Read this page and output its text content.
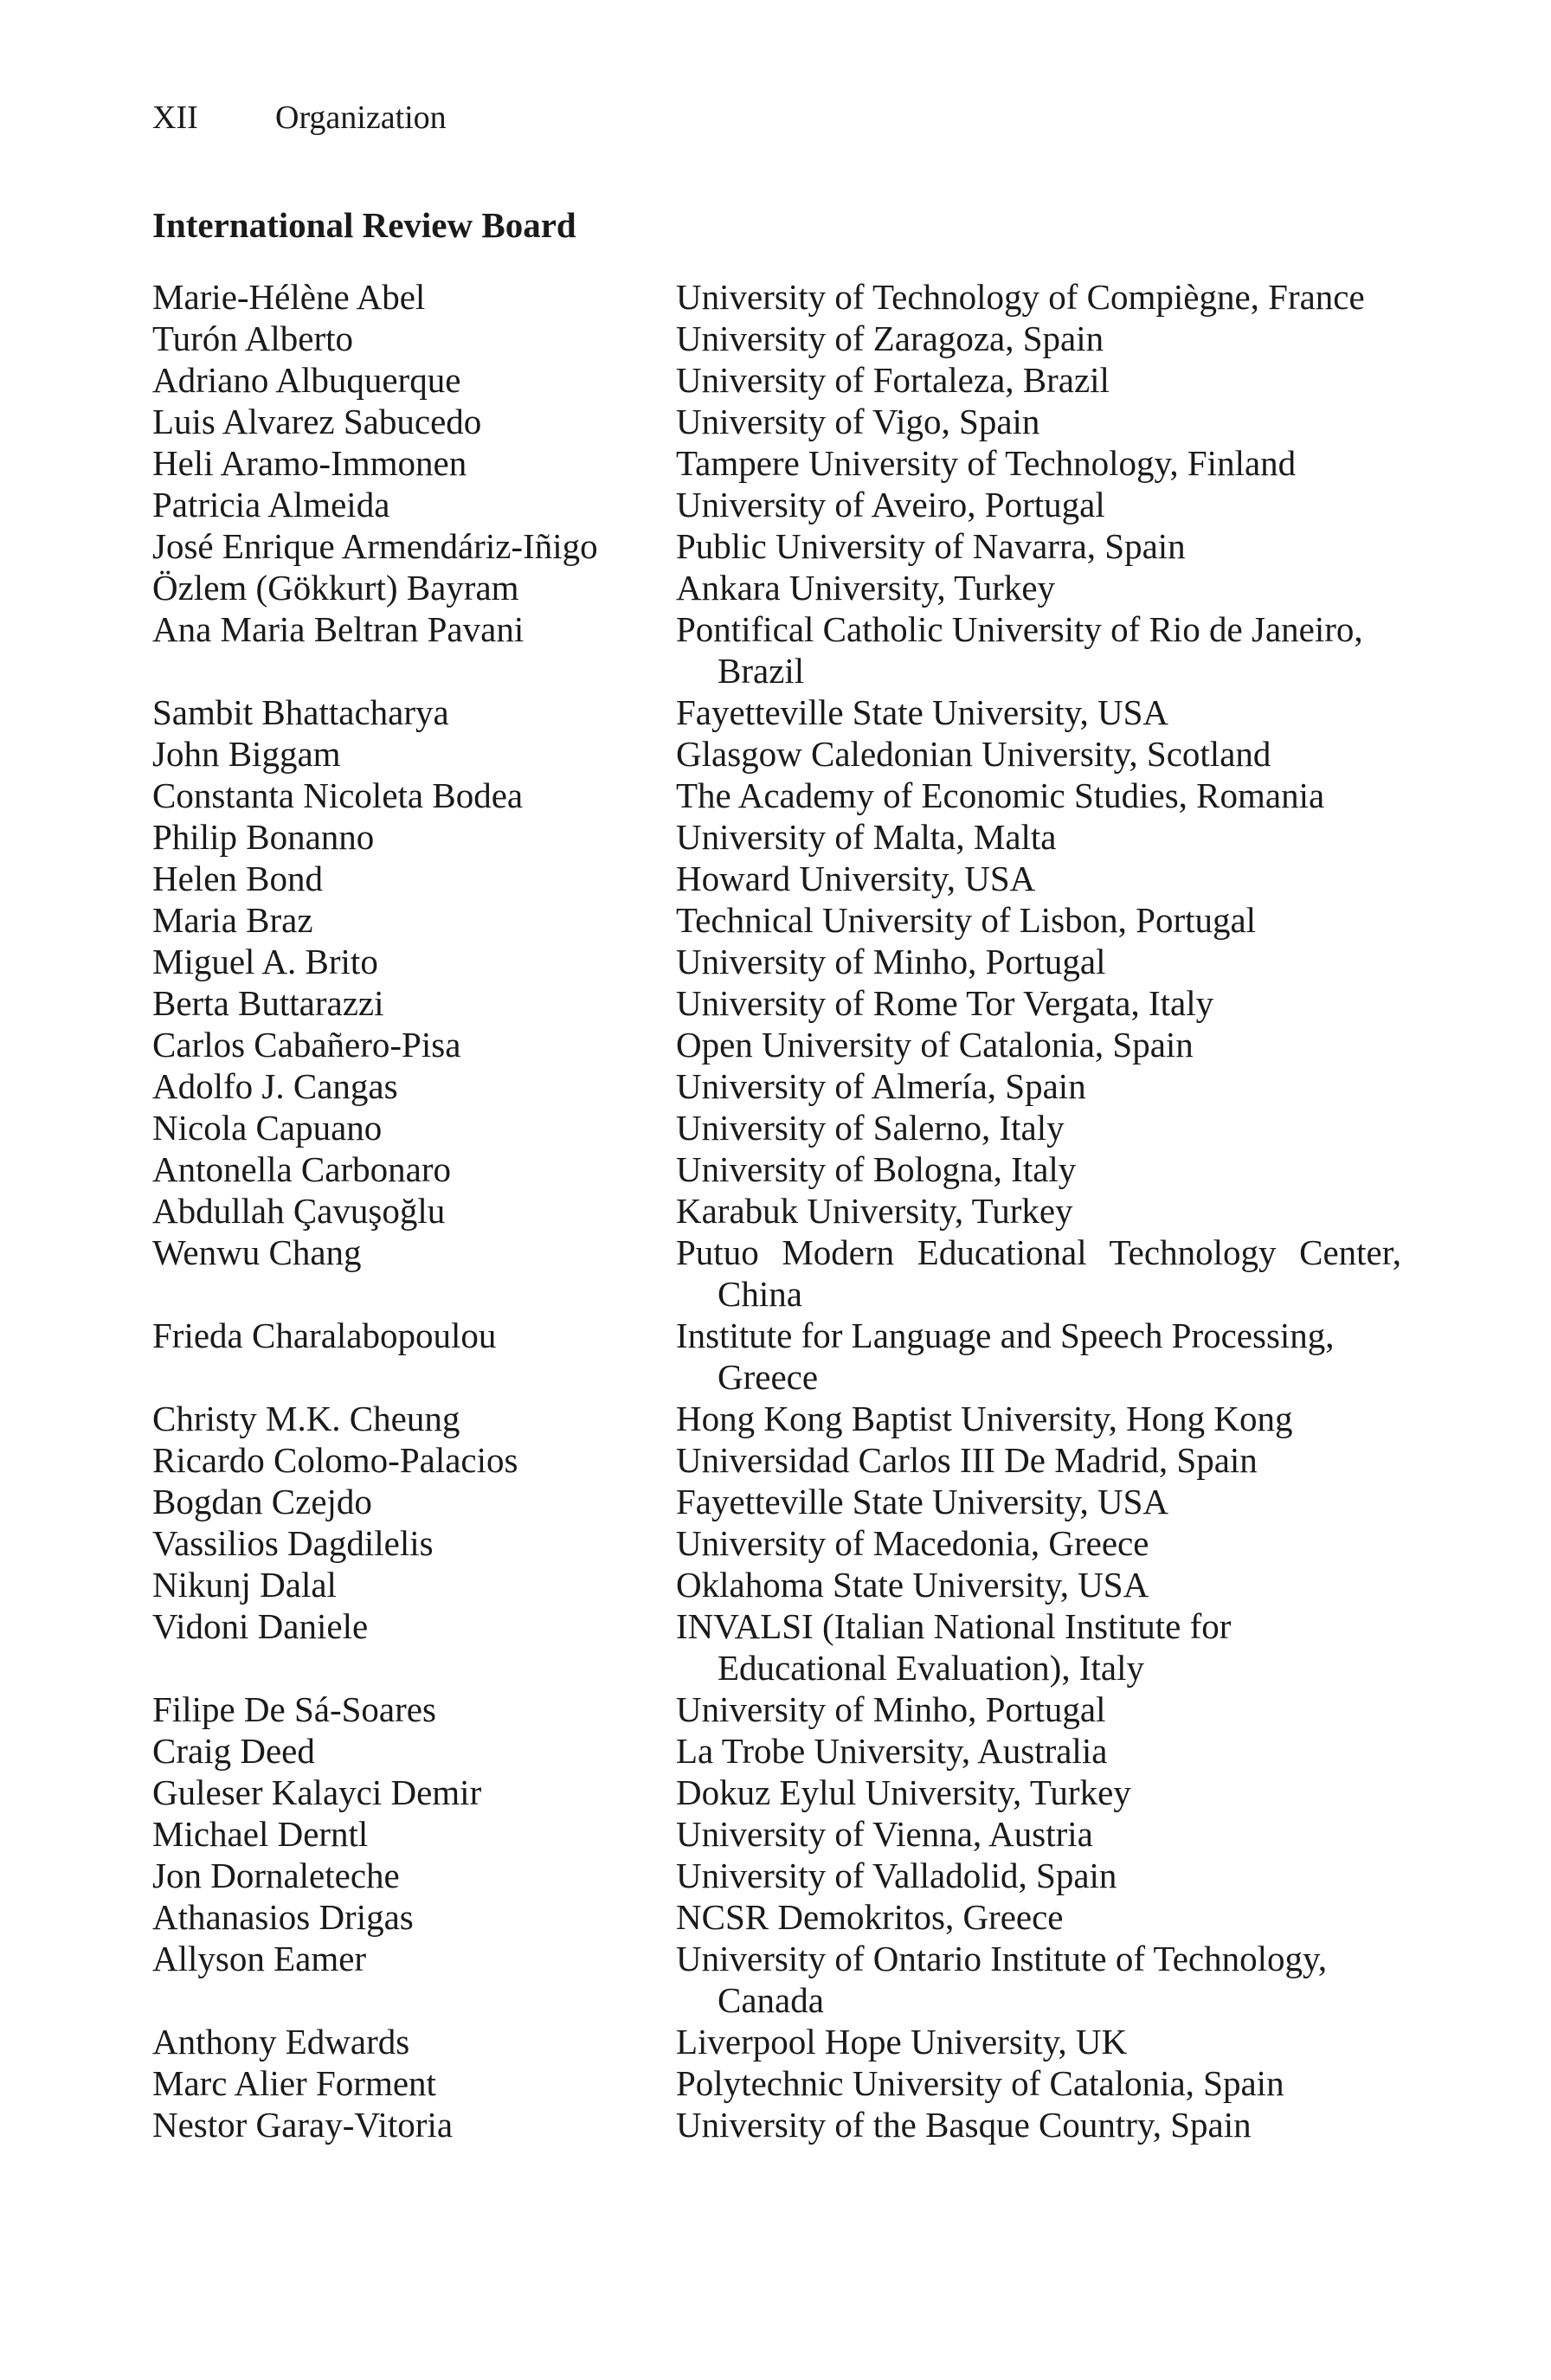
XII Organization
International Review Board
Marie-Hélène Abel	University of Technology of Compiègne, France
Turón Alberto	University of Zaragoza, Spain
Adriano Albuquerque	University of Fortaleza, Brazil
Luis Alvarez Sabucedo	University of Vigo, Spain
Heli Aramo-Immonen	Tampere University of Technology, Finland
Patricia Almeida	University of Aveiro, Portugal
José Enrique Armendáriz-Iñigo	Public University of Navarra, Spain
Özlem (Gökkurt) Bayram	Ankara University, Turkey
Ana Maria Beltran Pavani	Pontifical Catholic University of Rio de Janeiro,
Brazil
Sambit Bhattacharya	Fayetteville State University, USA
John Biggam	Glasgow Caledonian University, Scotland
Constanta Nicoleta Bodea	The Academy of Economic Studies, Romania
Philip Bonanno	University of Malta, Malta
Helen Bond	Howard University, USA
Maria Braz	Technical University of Lisbon, Portugal
Miguel A. Brito	University of Minho, Portugal
Berta Buttarazzi	University of Rome Tor Vergata, Italy
Carlos Cabañero-Pisa	Open University of Catalonia, Spain
Adolfo J. Cangas	University of Almería, Spain
Nicola Capuano	University of Salerno, Italy
Antonella Carbonaro	University of Bologna, Italy
Abdullah Çavuşoğlu	Karabuk University, Turkey
Wenwu Chang	Putuo Modern Educational Technology Center,
China
Frieda Charalabopoulou	Institute for Language and Speech Processing,
Greece
Christy M.K. Cheung	Hong Kong Baptist University, Hong Kong
Ricardo Colomo-Palacios	Universidad Carlos III De Madrid, Spain
Bogdan Czejdo	Fayetteville State University, USA
Vassilios Dagdilelis	University of Macedonia, Greece
Nikunj Dalal	Oklahoma State University, USA
Vidoni Daniele	INVALSI (Italian National Institute for
Educational Evaluation), Italy
Filipe De Sá-Soares	University of Minho, Portugal
Craig Deed	La Trobe University, Australia
Guleser Kalayci Demir	Dokuz Eylul University, Turkey
Michael Derntl	University of Vienna, Austria
Jon Dornaleteche	University of Valladolid, Spain
Athanasios Drigas	NCSR Demokritos, Greece
Allyson Eamer	University of Ontario Institute of Technology,
Canada
Anthony Edwards	Liverpool Hope University, UK
Marc Alier Forment	Polytechnic University of Catalonia, Spain
Nestor Garay-Vitoria	University of the Basque Country, Spain
